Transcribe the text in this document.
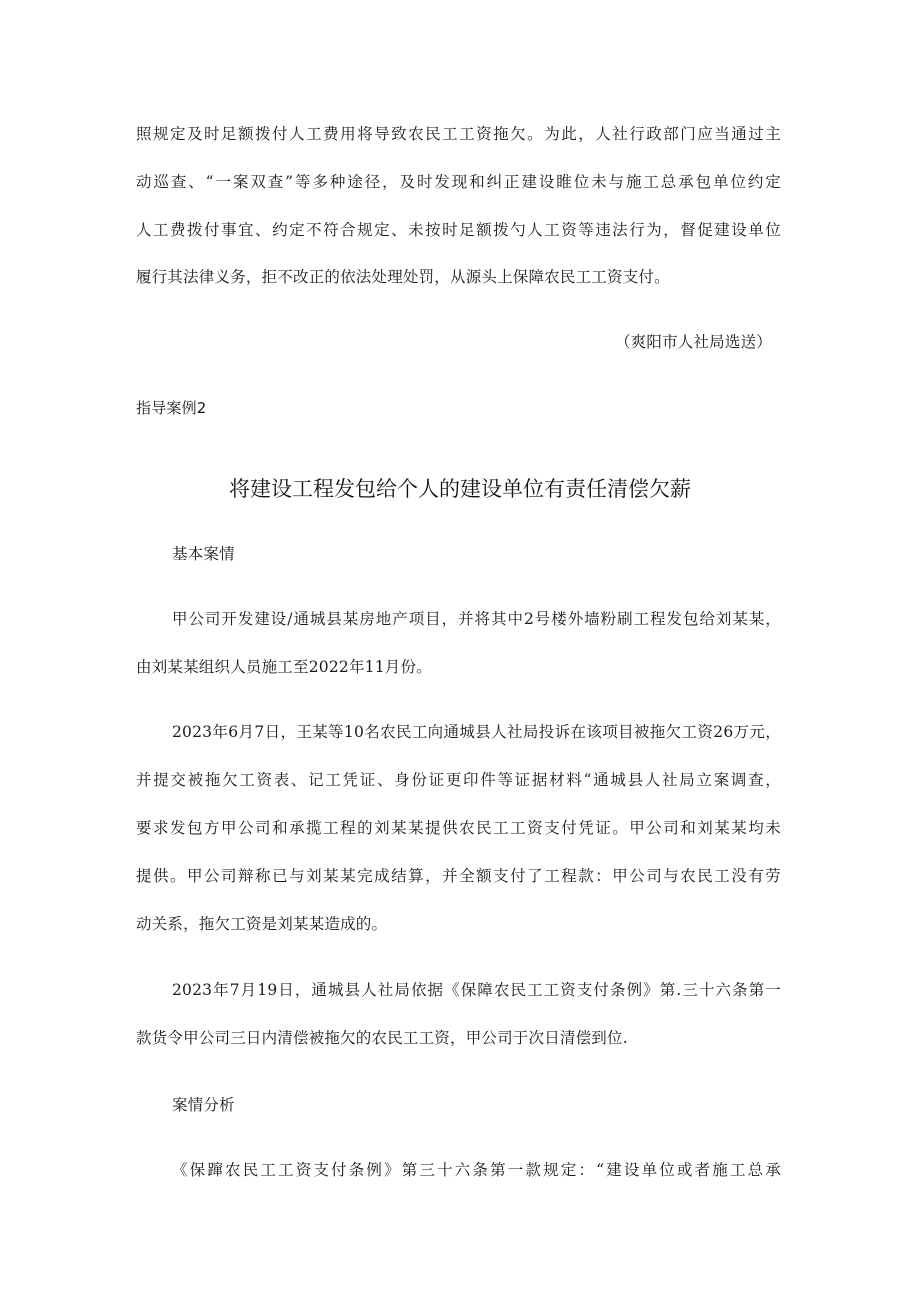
照规定及时足额拨付人工费用将导致农民工工资拖欠。为此，人社行政部门应当通过主
动巡查、“一案双查”等多种途径，及时发现和纠正建设睢位未与施工总承包单位约定
人工费拨付事宜、约定不符合规定、未按时足额拨勺人工资等违法行为，督促建设单位
履行其法律义务，拒不改正的依法处理处罚，从源头上保障农民工工资支付。
（爽阳市人社局选送）
指导案例2
将建设工程发包给个人的建设单位有责任清偿欠薪
基本案情
甲公司开发建设/通城县某房地产项目，并将其中2号楼外墙粉刷工程发包给刘某某，
由刘某某组织人员施工至2022年11月份。
2023年6月7日，王某等10名农民工向通城县人社局投诉在该项目被拖欠工资26万元，
并提交被拖欠工资表、记工凭证、身份证更印件等证据材料“通城县人社局立案调查，
要求发包方甲公司和承揽工程的刘某某提供农民工工资支付凭证。甲公司和刘某某均未
提供。甲公司辩称已与刘某某完成结算，并全额支付了工程款：甲公司与农民工没有劳
动关系，拖欠工资是刘某某造成的。
2023年7月19日，通城县人社局依据《保障农民工工资支付条例》第.三十六条第一
款货令甲公司三日内清偿被拖欠的农民工工资，甲公司于次日清偿到位.
案情分析
《保蹿农民工工资支付条例》第三十六条第一款规定：“建设单位或者施工总承
